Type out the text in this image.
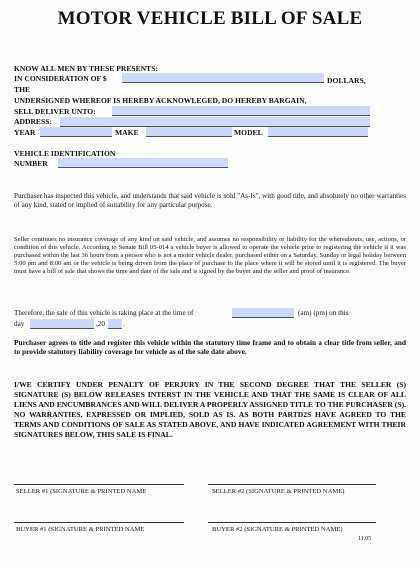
MOTOR VEHICLE BILL OF SALE
KNOW ALL MEN BY THESE PRESENTS:
IN CONSIDERATION OF $	DOLLARS,
THE
UNDERSIGNED WHEREOF IS HEREBY ACKNOWLEGED, DO HEREBY BARGAIN,
SELL DELIVER UNTO:
ADDRESS:
YEAR	MAKE	MODEL
VEHICLE IDENTIFICATION
NUMBER
Purchaser has inspected this vehicle, and understands that said vehicle is sold "As-Is", with good title, and absolutely no other warranties of any kind, stated or implied of suitability for any particular purpose.
Seller continues no insurance coverage of any kind on said vehicle, and assumes no responsibility or liability for the whereabouts, use, actions, or condition of this vehicle. According to Senate Bill 05-014 a vehicle buyer is allowed to operate the vehicle prior to registering the vehicle if it was purchased within the last 36 hours from a person who is not a motor vehicle dealer, purchased either on a Saturday, Sunday or legal holiday between 5:00 pm and 8:00 am or the vehicle is being driven from the place of purchase to the place where it will be stored until it is registered. The buyer must have a bill of sale that shows the time and date of the sale and is signed by the buyer and the seller and proof of insurance.
Therefore, the sale of this vehicle is taking place at the time of	(am) (pm) on this
day	,20	.
Purchaser agrees to title and register this vehicle within the statutory time frame and to obtain a clear title from seller, and to provide statutory liability coverage for vehicle as of the sale date above.
I/WE CERTIFY UNDER PENALTY OF PERJURY IN THE SECOND DEGREE THAT THE SELLER (S) SIGNATURE (S) BELOW RELEASES INTERST IN THE VEHICLE AND THAT THE SAME IS CLEAR OF ALL LIENS AND ENCUMBRANCES AND WILL DELIVER A PROPERLY ASSIGNED TITLE TO THE PURCHASER (S). NO WARRANTIES, EXPRESSED OR IMPLIED, SOLD AS IS. AS BOTH PARTD2S HAVE AGREED TO THE TERMS AND CONDITIONS OF SALE AS STATED ABOVE, AND HAVE INDICATED AGREEMENT WITH THEIR SIGNATURES BELOW, THIS SALE IS FINAL.
SELLER #1 (SIGNATURE & PRINTED NAME	SELLER #2 (SIGNATURE & PRINTED NAME)
BUYER #1 (SIGNATURE & PRINTED NAME	BUYER #2 (SIGNATURE & PRINTED NAME)
11.05
